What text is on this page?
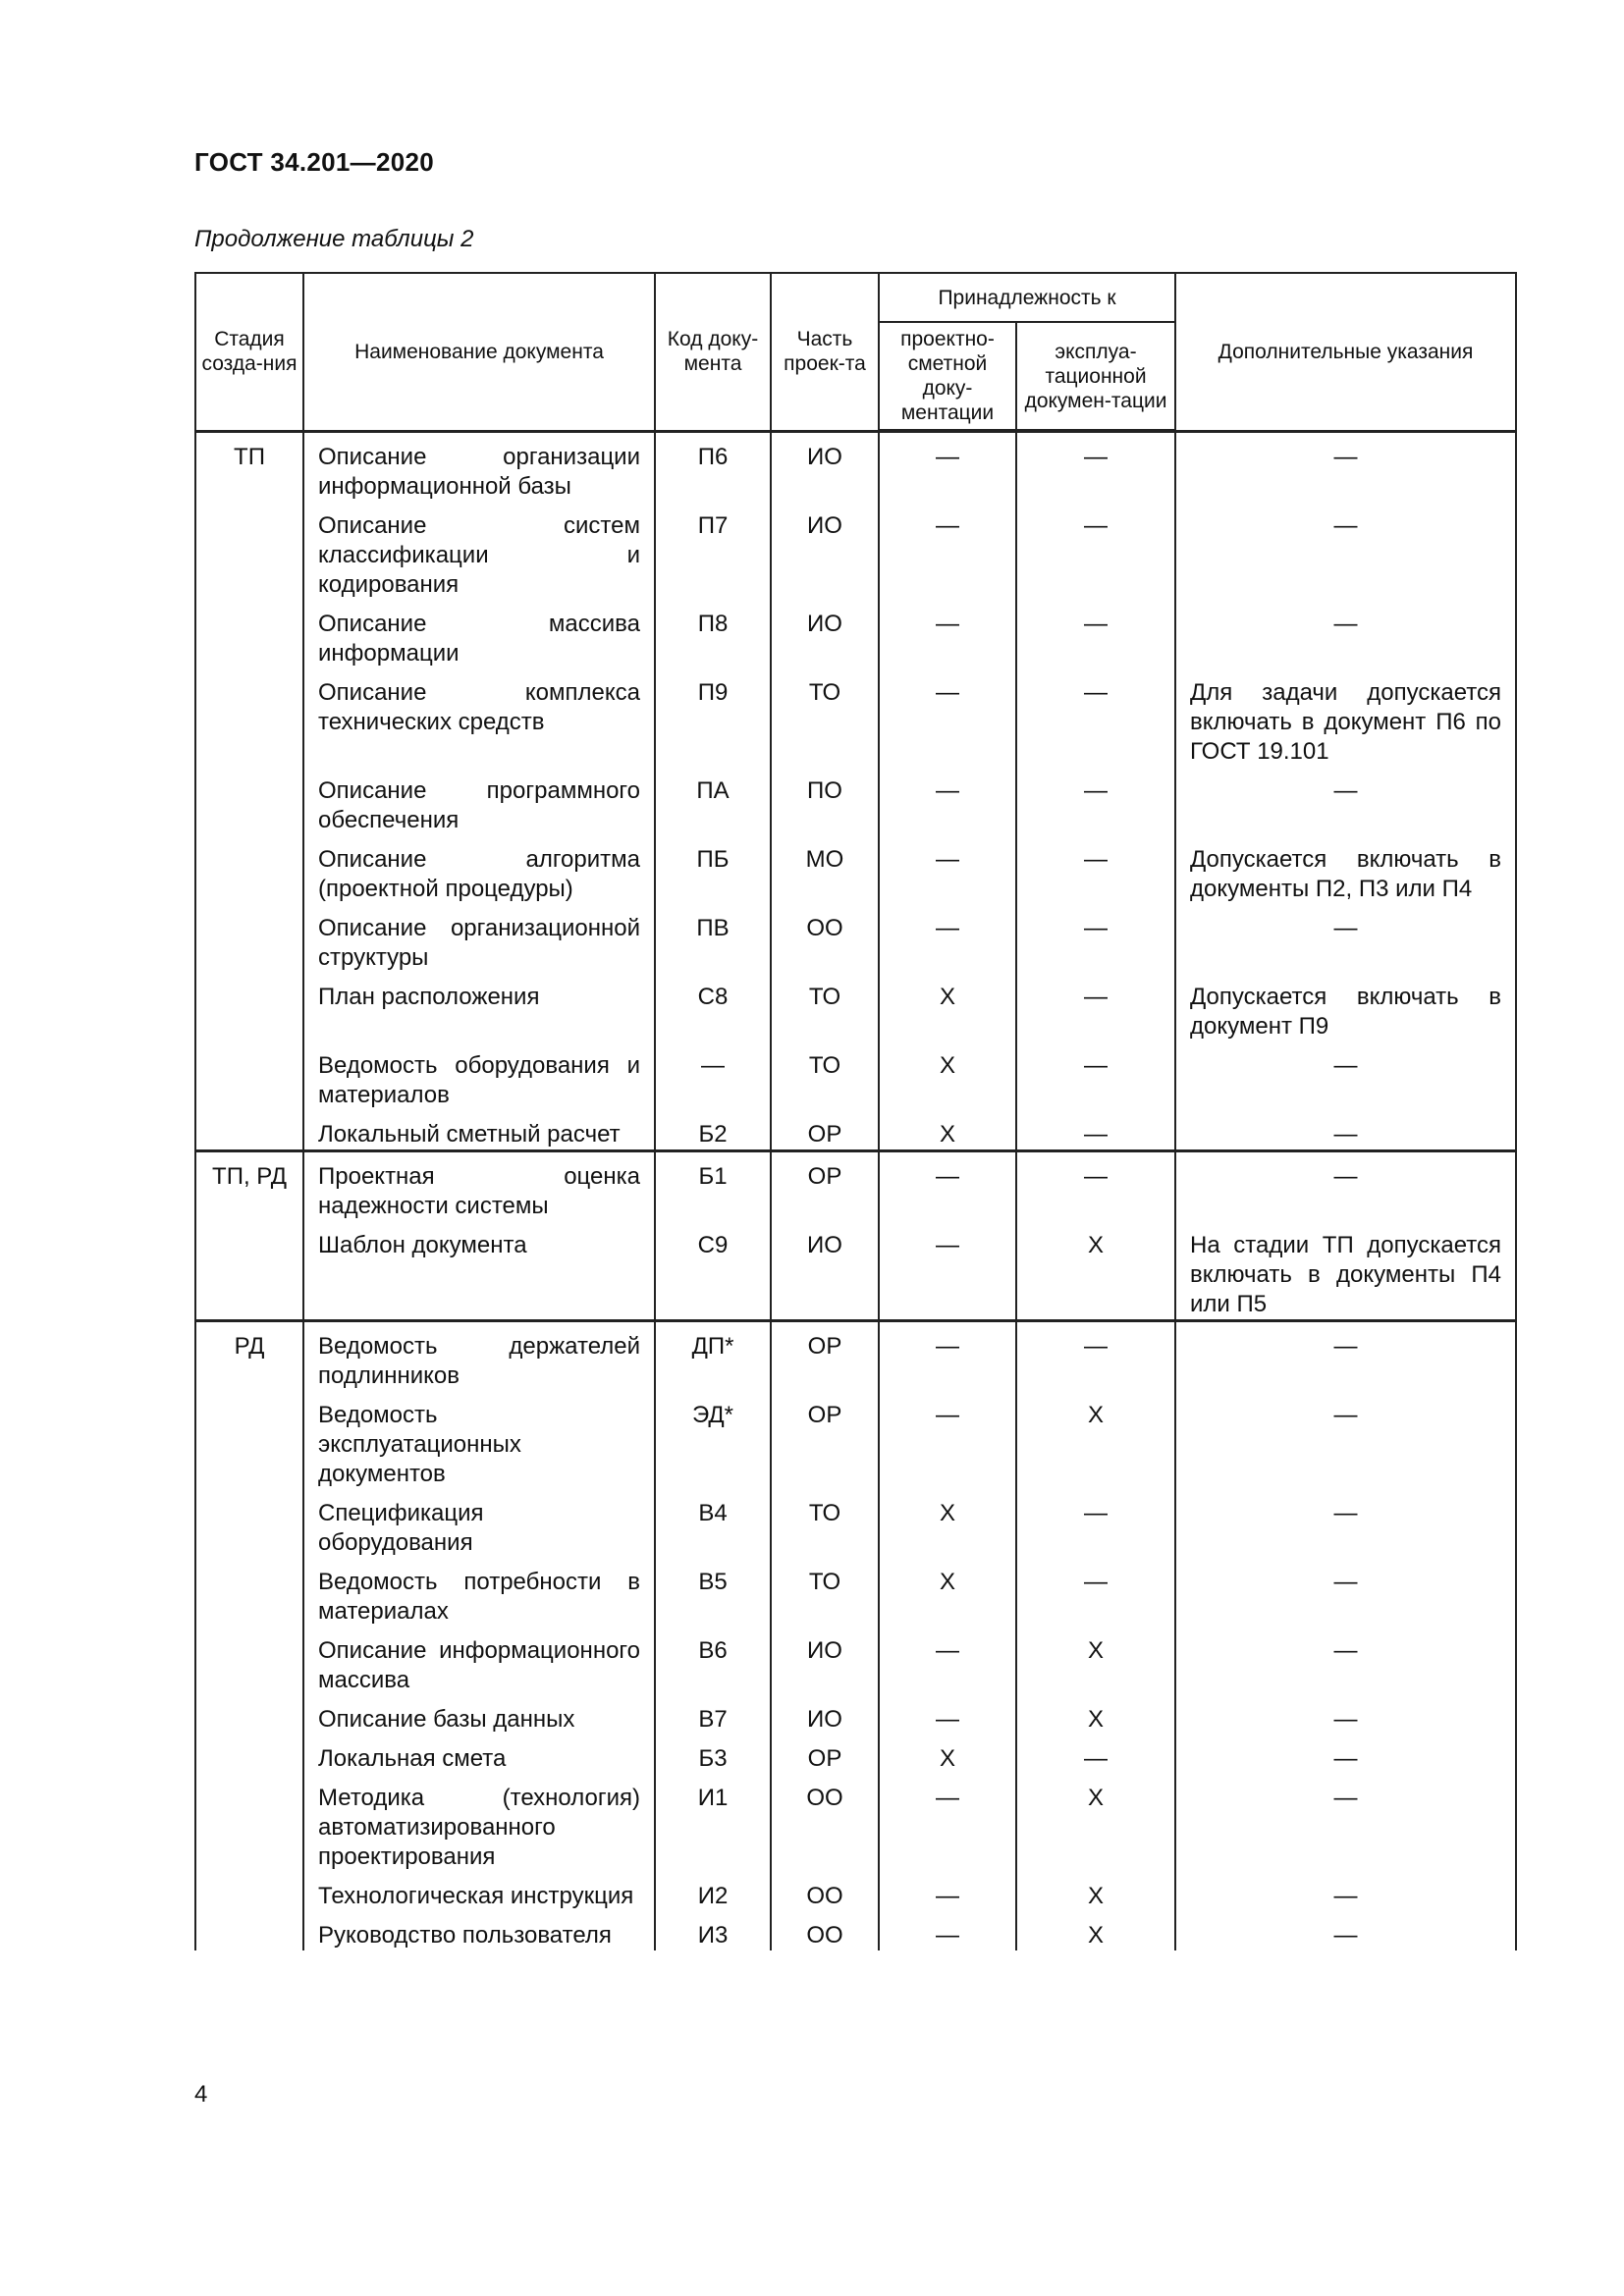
ГОСТ 34.201—2020
Продолжение таблицы 2
Стадия созда-ния	Наименование документа	Код доку-мента	Часть проек-та	Принадлежность к		Дополнительные указания
				проектно-сметной доку-ментации	эксплуа-тационной докумен-тации	
ТП	Описание организации информационной базы	П6	ИО	—	—	—
	Описание систем классификации и кодирования	П7	ИО	—	—	—
	Описание массива информации	П8	ИО	—	—	—
	Описание комплекса технических средств	П9	ТО	—	—	Для задачи допускается включать в документ П6 по ГОСТ 19.101
	Описание программного обеспечения	ПА	ПО	—	—	—
	Описание алгоритма (проектной процедуры)	ПБ	МО	—	—	Допускается включать в документы П2, П3 или П4
	Описание организационной структуры	ПВ	ОО	—	—	—
	План расположения	С8	ТО	Х	—	Допускается включать в документ П9
	Ведомость оборудования и материалов	—	ТО	Х	—	—
	Локальный сметный расчет	Б2	ОР	Х	—	—
ТП, РД	Проектная оценка надежности системы	Б1	ОР	—	—	—
	Шаблон документа	С9	ИО	—	Х	На стадии ТП допускается включать в документы П4 или П5
РД	Ведомость держателей подлинников	ДП*	ОР	—	—	—
	Ведомость эксплуатационных документов	ЭД*	ОР	—	Х	—
	Спецификация оборудования	В4	ТО	Х	—	—
	Ведомость потребности в материалах	В5	ТО	Х	—	—
	Описание информационного массива	В6	ИО	—	Х	—
	Описание базы данных	В7	ИО	—	Х	—
	Локальная смета	Б3	ОР	Х	—	—
	Методика (технология) автоматизированного проектирования	И1	ОО	—	Х	—
	Технологическая инструкция	И2	ОО	—	Х	—
	Руководство пользователя	И3	ОО	—	Х	—
4
